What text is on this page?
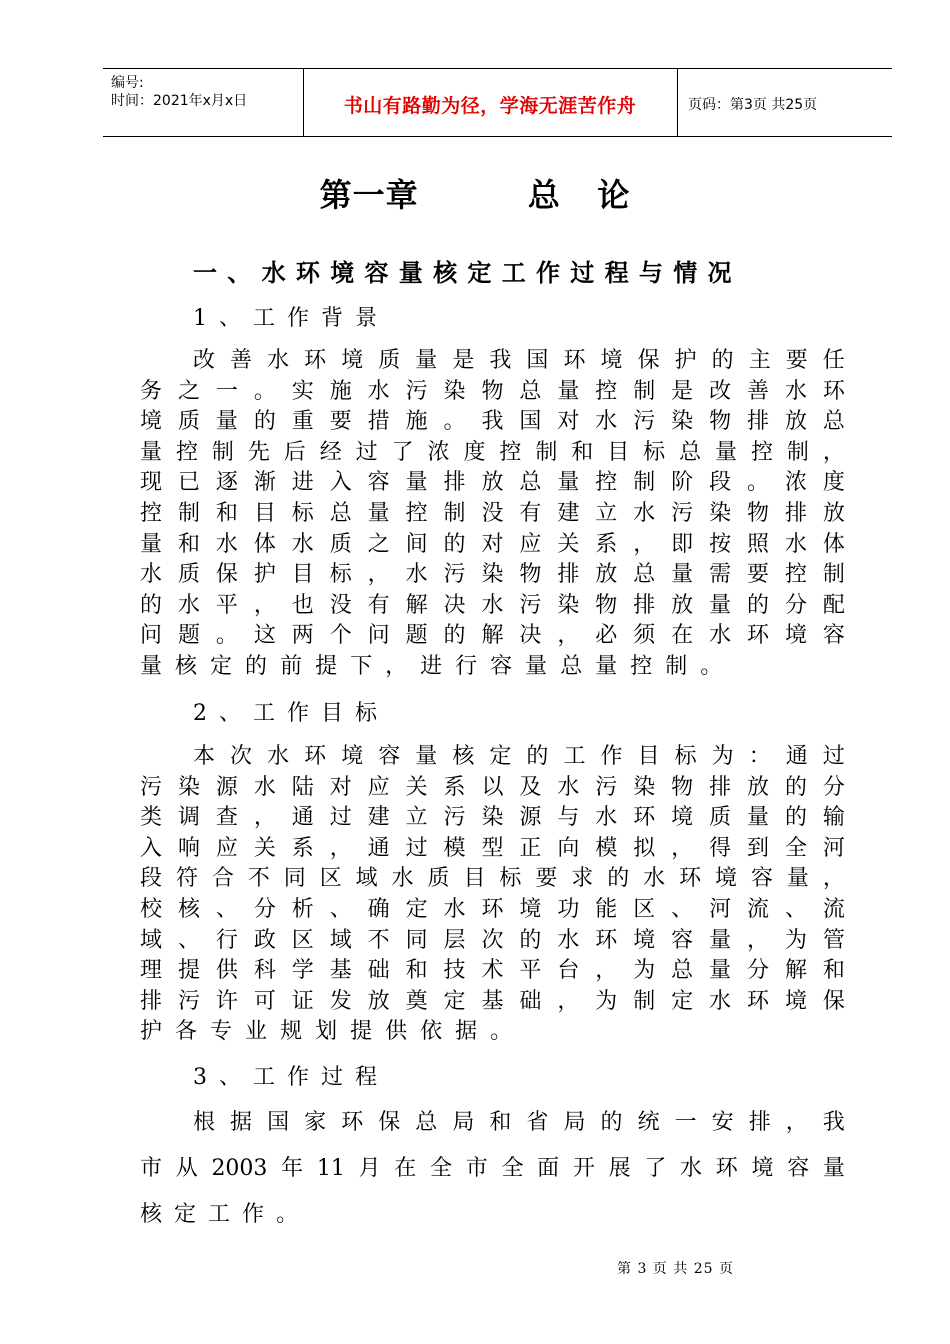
编号:
时间：2021年x月x日	书山有路勤为径，学海无涯苦作舟	页码：第3页 共25页
第一章         总   论
一、水环境容量核定工作过程与情况
1、工作背景
改 善 水 环 境 质 量 是 我 国 环 境 保 护 的 主 要 任
务 之 一 。 实 施 水 污 染 物 总 量 控 制 是 改 善 水 环
境 质 量 的 重 要 措 施 。 我 国 对 水 污 染 物 排 放 总
量 控 制 先 后 经 过 了 浓 度 控 制 和 目 标 总 量 控 制 ，
现 已 逐 渐 进 入 容 量 排 放 总 量 控 制 阶 段 。 浓 度
控 制 和 目 标 总 量 控 制 没 有 建 立 水 污 染 物 排 放
量 和 水 体 水 质 之 间 的 对 应 关 系 ， 即 按 照 水 体
水 质 保 护 目 标 ， 水 污 染 物 排 放 总 量 需 要 控 制
的 水 平 ， 也 没 有 解 决 水 污 染 物 排 放 量 的 分 配
问 题 。 这 两 个 问 题 的 解 决 ， 必 须 在 水 环 境 容
量 核 定 的 前 提 下 ， 进 行 容 量 总 量 控 制 。
2、工作目标
本 次 水 环 境 容 量 核 定 的 工 作 目 标 为 ： 通 过
污 染 源 水 陆 对 应 关 系 以 及 水 污 染 物 排 放 的 分
类 调 查 ， 通 过 建 立 污 染 源 与 水 环 境 质 量 的 输
入 响 应 关 系 ， 通 过 模 型 正 向 模 拟 ， 得 到 全 河
段 符 合 不 同 区 域 水 质 目 标 要 求 的 水 环 境 容 量 ，
校 核 、 分 析 、 确 定 水 环 境 功 能 区 、 河 流 、 流
域 、 行 政 区 域 不 同 层 次 的 水 环 境 容 量 ， 为 管
理 提 供 科 学 基 础 和 技 术 平 台 ， 为 总 量 分 解 和
排 污 许 可 证 发 放 奠 定 基 础 ， 为 制 定 水 环 境 保
护 各 专 业 规 划 提 供 依 据 。
3、工作过程
根 据 国 家 环 保 总 局 和 省 局 的 统 一 安 排 ， 我
市 从 2003 年 11 月 在 全 市 全 面 开 展 了 水 环 境 容 量
核 定 工 作 。
第 3 页 共 25 页
